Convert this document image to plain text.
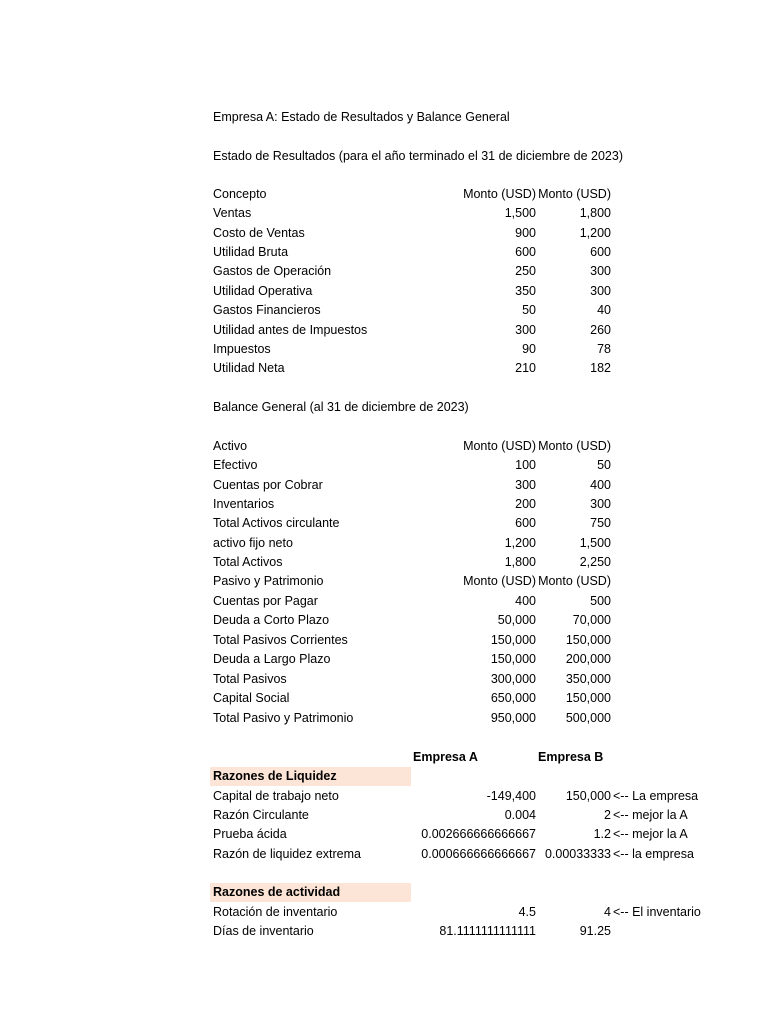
Empresa A: Estado de Resultados y Balance General
Estado de Resultados (para el año terminado el 31 de diciembre de 2023)
Concepto	Monto (USD) Monto (USD)
Ventas	1,500	1,800
Costo de Ventas	900	1,200
Utilidad Bruta	600	600
Gastos de Operación	250	300
Utilidad Operativa	350	300
Gastos Financieros	50	40
Utilidad antes de Impuestos	300	260
Impuestos	90	78
Utilidad Neta	210	182
Balance General (al 31 de diciembre de 2023)
Activo	Monto (USD) Monto (USD)
Efectivo	100	50
Cuentas por Cobrar	300	400
Inventarios	200	300
Total Activos circulante	600	750
activo fijo neto	1,200	1,500
Total Activos	1,800	2,250
Pasivo y Patrimonio	Monto (USD) Monto (USD)
Cuentas por Pagar	400	500
Deuda a Corto Plazo	50,000	70,000
Total Pasivos Corrientes	150,000 150,000
Deuda a Largo Plazo	150,000 200,000
Total Pasivos	300,000 350,000
Capital Social	650,000 150,000
Total Pasivo y Patrimonio	950,000 500,000
Empresa A	Empresa B
Razones de Liquidez
Capital de trabajo neto	-149,400 150,000 <-- La empresa
Razón Circulante	0.004	2 <-- mejor la A
Prueba ácida	0.002666666666667	1.2 <-- mejor la A
Razón de liquidez extrema	0.000666666666667 0.00033333 <-- la empresa
Razones de actividad
Rotación de inventario	4.5	4 <-- El inventario
Días de inventario	81.1111111111111	91.25
